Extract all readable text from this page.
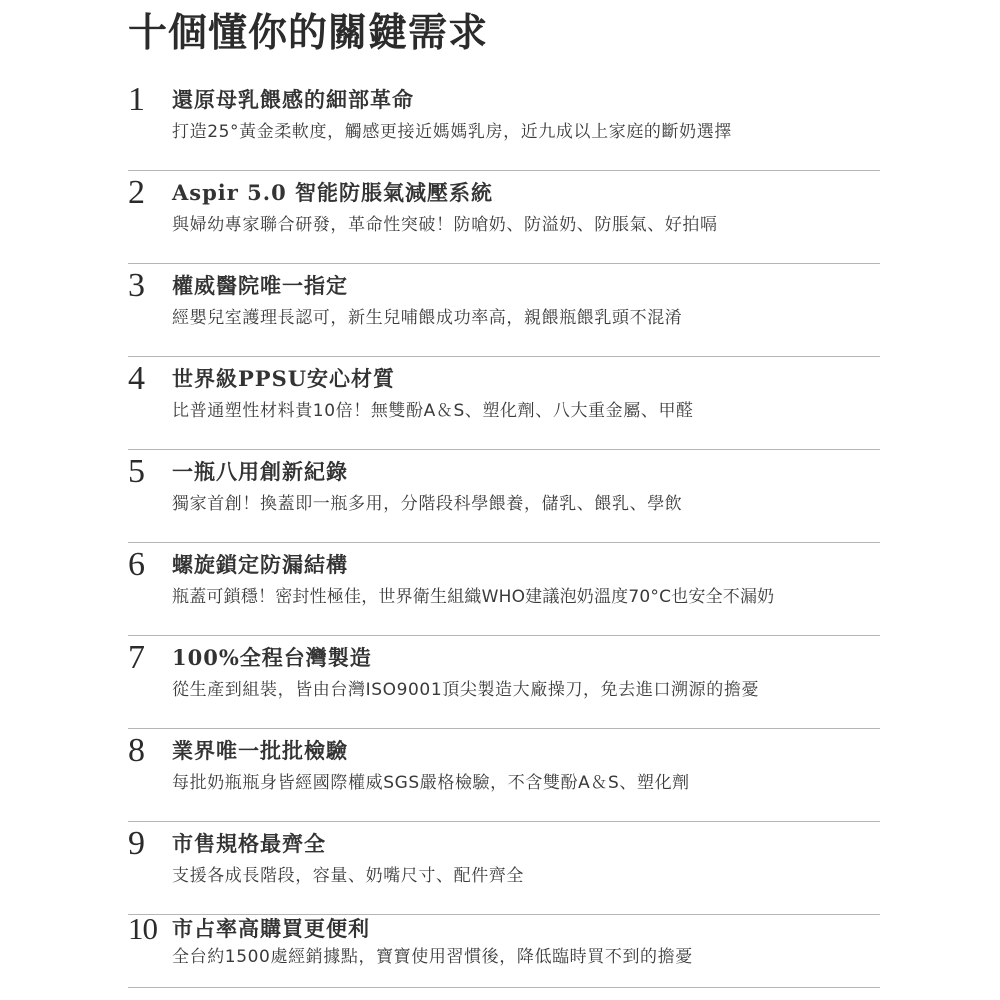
十個懂你的關鍵需求
1	還原母乳餵感的細部革命
打造25°黃金柔軟度，觸感更接近媽媽乳房，近九成以上家庭的斷奶選擇
2	Aspir 5.0 智能防脹氣減壓系統
與婦幼專家聯合研發，革命性突破！防嗆奶、防溢奶、防脹氣、好拍嗝
3	權威醫院唯一指定
經嬰兒室護理長認可，新生兒哺餵成功率高，親餵瓶餵乳頭不混淆
4	世界級PPSU安心材質
比普通塑性材料貴10倍！無雙酚A＆S、塑化劑、八大重金屬、甲醛
5	一瓶八用創新紀錄
獨家首創！換蓋即一瓶多用，分階段科學餵養，儲乳、餵乳、學飲
6	螺旋鎖定防漏結構
瓶蓋可鎖穩！密封性極佳，世界衛生組織WHO建議泡奶溫度70°C也安全不漏奶
7	100%全程台灣製造
從生產到組裝，皆由台灣ISO9001頂尖製造大廠操刀，免去進口溯源的擔憂
8	業界唯一批批檢驗
每批奶瓶瓶身皆經國際權威SGS嚴格檢驗，不含雙酚A＆S、塑化劑
9	市售規格最齊全
支援各成長階段，容量、奶嘴尺寸、配件齊全
10 市占率高購買更便利
全台約1500處經銷據點，寶寶使用習慣後，降低臨時買不到的擔憂
